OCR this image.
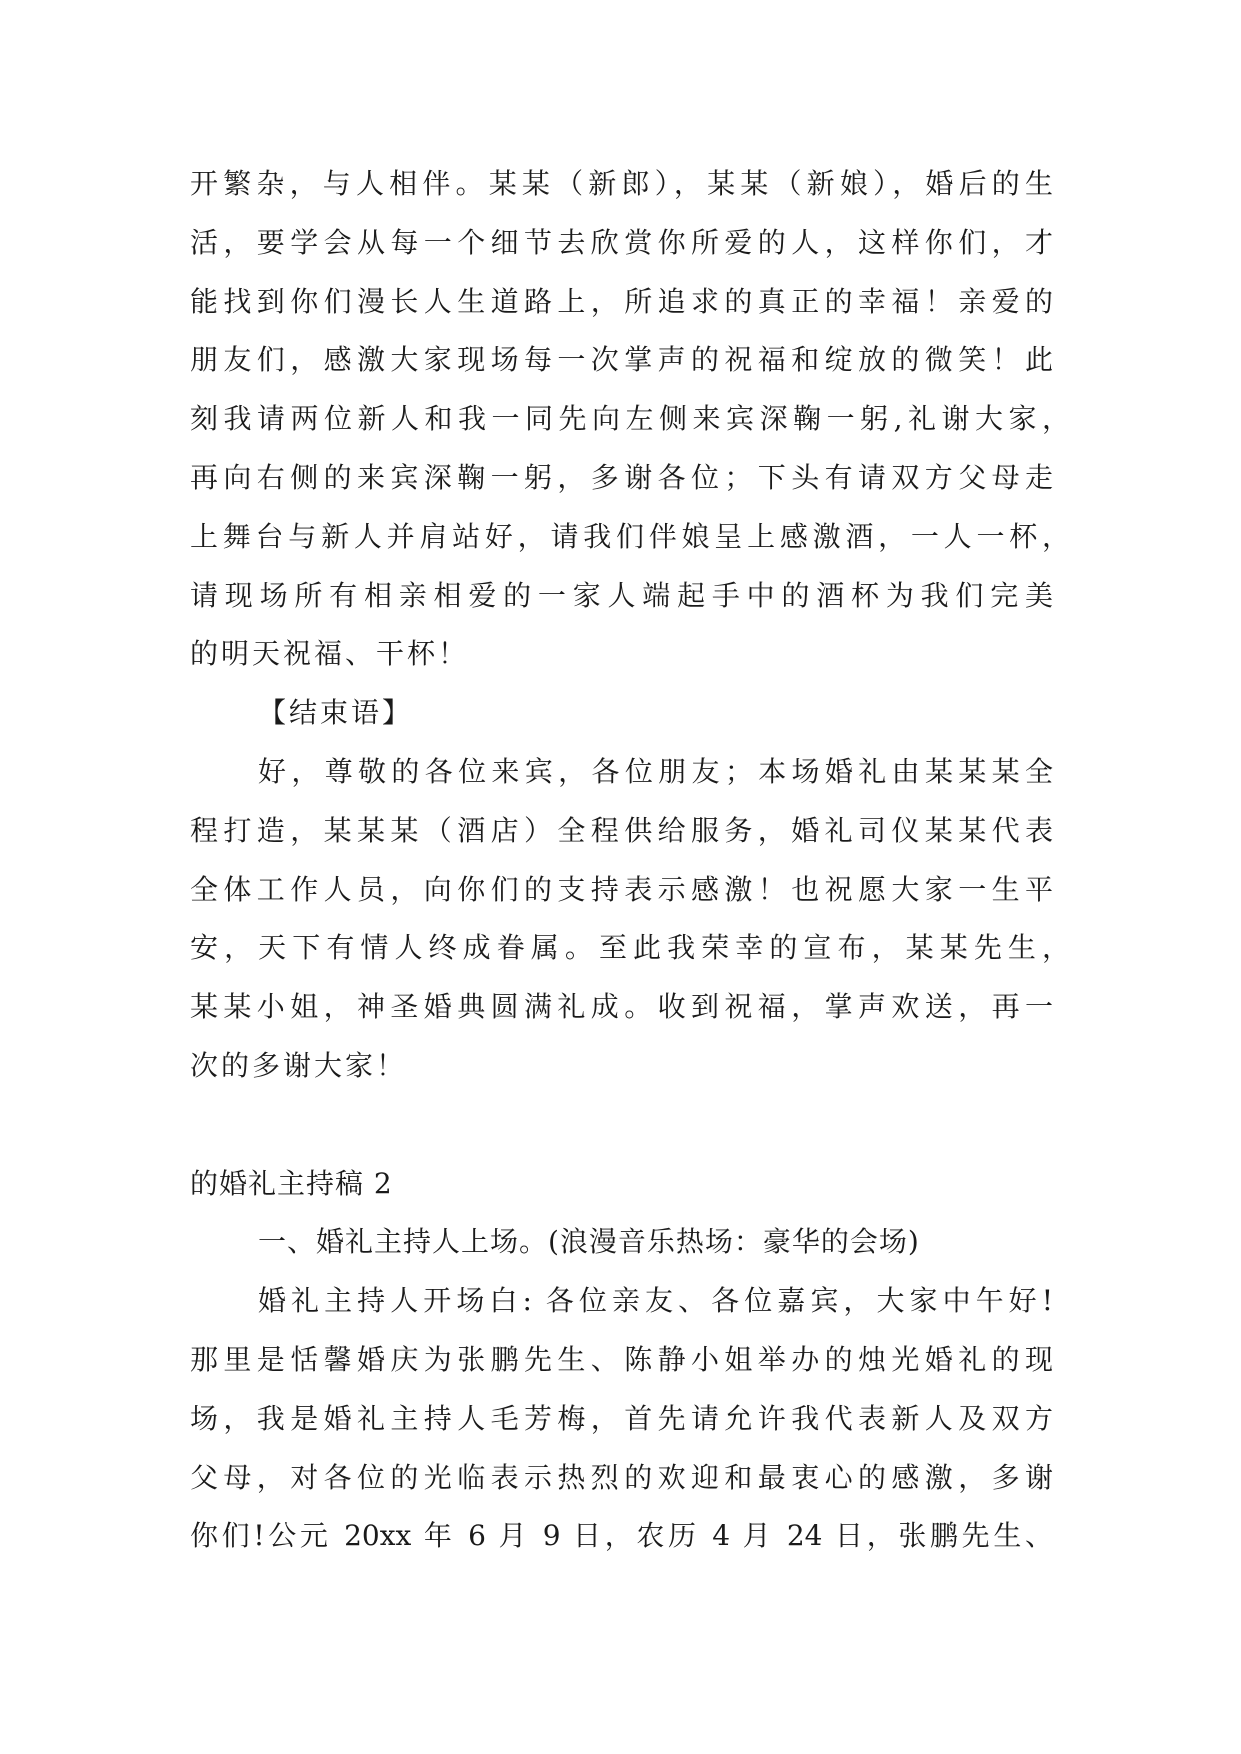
开繁杂，与人相伴。某某（新郎），某某（新娘），婚后的生
活，要学会从每一个细节去欣赏你所爱的人，这样你们，才
能找到你们漫长人生道路上，所追求的真正的幸福！亲爱的
朋友们，感激大家现场每一次掌声的祝福和绽放的微笑！此
刻我请两位新人和我一同先向左侧来宾深鞠一躬,礼谢大家，
再向右侧的来宾深鞠一躬，多谢各位；下头有请双方父母走
上舞台与新人并肩站好，请我们伴娘呈上感激酒，一人一杯，
请现场所有相亲相爱的一家人端起手中的酒杯为我们完美
的明天祝福、干杯！
【结束语】
好，尊敬的各位来宾，各位朋友；本场婚礼由某某某全
程打造，某某某（酒店）全程供给服务，婚礼司仪某某代表
全体工作人员，向你们的支持表示感激！也祝愿大家一生平
安，天下有情人终成眷属。至此我荣幸的宣布，某某先生，
某某小姐，神圣婚典圆满礼成。收到祝福，掌声欢送，再一
次的多谢大家！
的婚礼主持稿 2
一、婚礼主持人上场。(浪漫音乐热场：豪华的会场)
婚礼主持人开场白: 各位亲友、各位嘉宾，大家中午好!
那里是恬馨婚庆为张鹏先生、陈静小姐举办的烛光婚礼的现
场，我是婚礼主持人毛芳梅，首先请允许我代表新人及双方
父母，对各位的光临表示热烈的欢迎和最衷心的感激，多谢
你们!公元 20xx 年 6 月 9 日，农历 4 月 24 日，张鹏先生、
